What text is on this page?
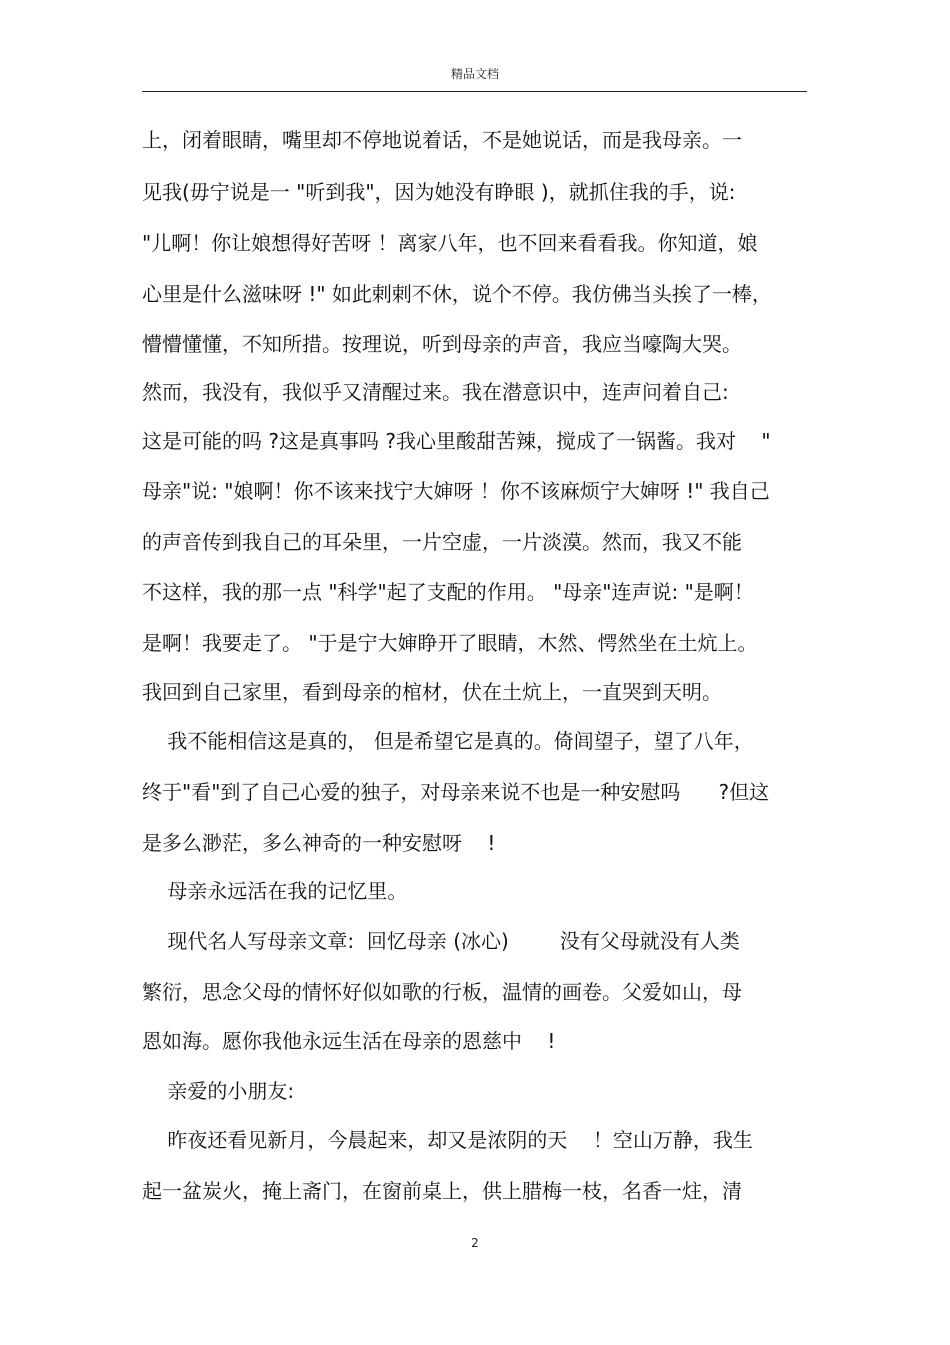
精品文档
上，闭着眼睛，嘴里却不停地说着话，不是她说话，而是我母亲。一
见我(毋宁说是一 "听到我"，因为她没有睁眼 )，就抓住我的手，说:
"儿啊！你让娘想得好苦呀 ！离家八年，也不回来看看我。你知道，娘
心里是什么滋味呀 !" 如此剌剌不休，说个不停。我仿佛当头挨了一棒，
懵懵懂懂，不知所措。按理说，听到母亲的声音，我应当嚎陶大哭。
然而，我没有，我似乎又清醒过来。我在潜意识中，连声问着自己:
这是可能的吗 ?这是真事吗 ?我心里酸甜苦辣，搅成了一锅酱。我对    "
母亲"说: "娘啊！你不该来找宁大婶呀 ！你不该麻烦宁大婶呀 !" 我自己
的声音传到我自己的耳朵里，一片空虚，一片淡漠。然而，我又不能
不这样，我的那一点 "科学"起了支配的作用。 "母亲"连声说: "是啊！
是啊！我要走了。 "于是宁大婶睁开了眼睛，木然、愕然坐在土炕上。
我回到自己家里，看到母亲的棺材，伏在土炕上，一直哭到天明。
我不能相信这是真的， 但是希望它是真的。倚闾望子，望了八年，
终于"看"到了自己心爱的独子，对母亲来说不也是一种安慰吗      ?但这
是多么渺茫，多么神奇的一种安慰呀    !
母亲永远活在我的记忆里。
现代名人写母亲文章:  回忆母亲 (冰心)        没有父母就没有人类
繁衍，思念父母的情怀好似如歌的行板，温情的画卷。父爱如山，母
恩如海。愿你我他永远生活在母亲的恩慈中    !
亲爱的小朋友:
昨夜还看见新月，今晨起来，却又是浓阴的天    ！空山万静，我生
起一盆炭火，掩上斋门，在窗前桌上，供上腊梅一枝，名香一炷，清
2
